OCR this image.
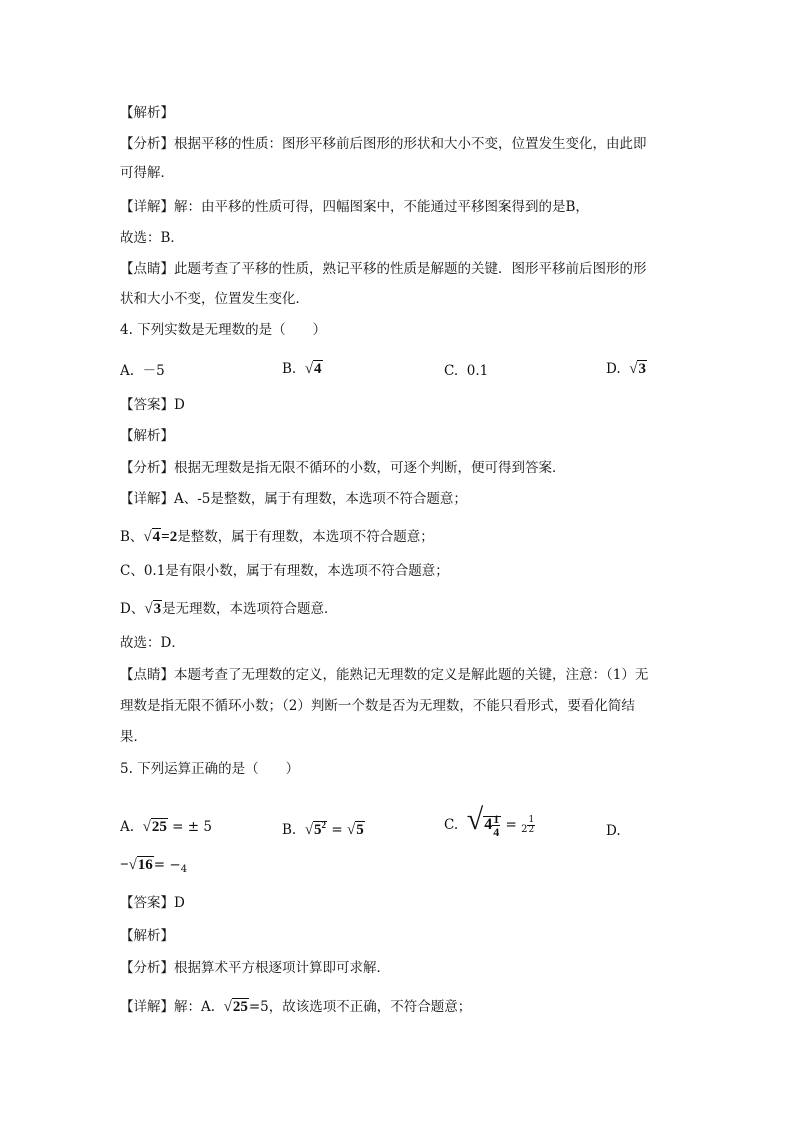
【解析】
【分析】根据平移的性质：图形平移前后图形的形状和大小不变，位置发生变化，由此即
可得解．
【详解】解：由平移的性质可得，四幅图案中，不能通过平移图案得到的是B，
故选：B．
【点睛】此题考查了平移的性质，熟记平移的性质是解题的关键．图形平移前后图形的形
状和大小不变，位置发生变化．
4. 下列实数是无理数的是（　　）
A. －5	B. √4	C. 0.1	D. √3
【答案】D
【解析】
【分析】根据无理数是指无限不循环的小数，可逐个判断，便可得到答案．
【详解】A、-5是整数，属于有理数，本选项不符合题意；
B、√4=2是整数，属于有理数，本选项不符合题意；
C、0.1是有限小数，属于有理数，本选项不符合题意；
D、√3是无理数，本选项符合题意．
故选：D．
【点睛】本题考查了无理数的定义，能熟记无理数的定义是解此题的关键，注意：（1）无
理数是指无限不循环小数；（2）判断一个数是否为无理数，不能只看形式，要看化简结
果．
5. 下列运算正确的是（　　）
A. √25 = ± 5	B. $√5^2 = √5$	C. $√4 \frac{1}{4} = _2 \frac{1}{2}$	D.
$-√16= -_4$
【答案】D
【解析】
【分析】根据算术平方根逐项计算即可求解．
【详解】解：A. √25=5，故该选项不正确，不符合题意；
